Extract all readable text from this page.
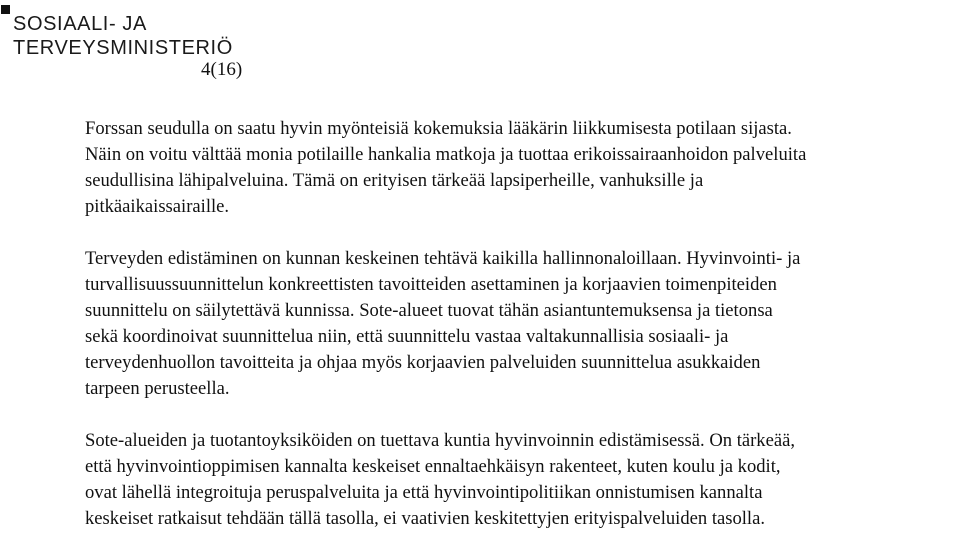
SOSIAALI- JA
TERVEYSMINISTERIÖ
4(16)

Forssan seudulla on saatu hyvin myönteisiä kokemuksia lääkärin liikkumisesta potilaan sijasta.
Näin on voitu välttää monia potilaille hankalia matkoja ja tuottaa erikoissairaanhoidon palveluita
seudullisina lähipalveluina. Tämä on erityisen tärkeää lapsiperheille, vanhuksille ja
pitkäaikaissairaille.

Terveyden edistäminen on kunnan keskeinen tehtävä kaikilla hallinnonaloillaan. Hyvinvointi- ja
turvallisuussuunnittelun konkreettisten tavoitteiden asettaminen ja korjaavien toimenpiteiden
suunnittelu on säilytettävä kunnissa. Sote-alueet tuovat tähän asiantuntemuksensa ja tietonsa
sekä koordinoivat suunnittelua niin, että suunnittelu vastaa valtakunnallisia sosiaali- ja
terveydenhuollon tavoitteita ja ohjaa myös korjaavien palveluiden suunnittelua asukkaiden
tarpeen perusteella.

Sote-alueiden ja tuotantoyksiköiden on tuettava kuntia hyvinvoinnin edistämisessä. On tärkeää,
että hyvinvointioppimisen kannalta keskeiset ennaltaehkäisyn rakenteet, kuten koulu ja kodit,
ovat lähellä integroituja peruspalveluita ja että hyvinvointipolitiikan onnistumisen kannalta
keskeiset ratkaisut tehdään tällä tasolla, ei vaativien keskitettyjen erityispalveluiden tasolla.
